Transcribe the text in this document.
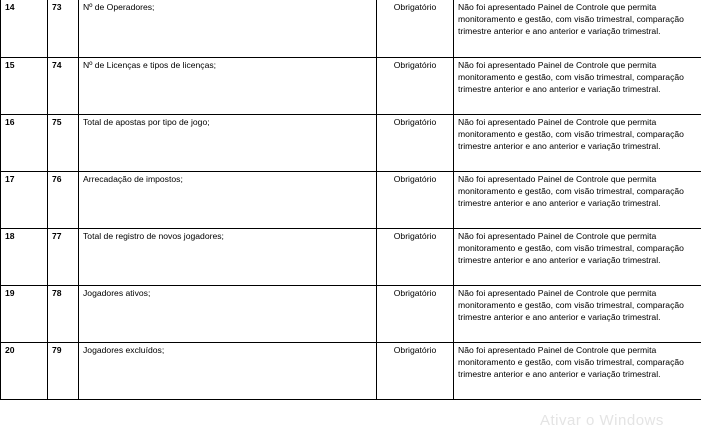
14	73	Nº de Operadores;	Obrigatório	Não foi apresentado Painel de Controle que permita monitoramento e gestão, com visão trimestral, comparação trimestre anterior e ano anterior e variação trimestral.
15	74	Nº de Licenças e tipos de licenças;	Obrigatório	Não foi apresentado Painel de Controle que permita monitoramento e gestão, com visão trimestral, comparação trimestre anterior e ano anterior e variação trimestral.
16	75	Total de apostas por tipo de jogo;	Obrigatório	Não foi apresentado Painel de Controle que permita monitoramento e gestão, com visão trimestral, comparação trimestre anterior e ano anterior e variação trimestral.
17	76	Arrecadação de impostos;	Obrigatório	Não foi apresentado Painel de Controle que permita monitoramento e gestão, com visão trimestral, comparação trimestre anterior e ano anterior e variação trimestral.
18	77	Total de registro de novos jogadores;	Obrigatório	Não foi apresentado Painel de Controle que permita monitoramento e gestão, com visão trimestral, comparação trimestre anterior e ano anterior e variação trimestral.
19	78	Jogadores ativos;	Obrigatório	Não foi apresentado Painel de Controle que permita monitoramento e gestão, com visão trimestral, comparação trimestre anterior e ano anterior e variação trimestral.
20	79	Jogadores excluídos;	Obrigatório	Não foi apresentado Painel de Controle que permita monitoramento e gestão, com visão trimestral, comparação trimestre anterior e ano anterior e variação trimestral.
Ativar o Windows
